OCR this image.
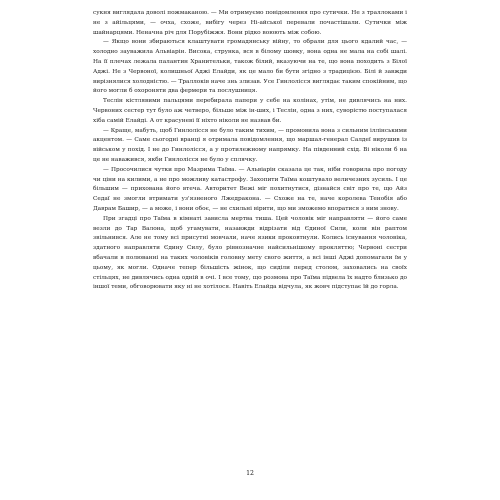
сукня виглядала доволі пожмаканою. — Ми отримуємо повідомлення про сутички. Не з траллоками і не з айільцями, — очха, схоже, вибігу через Ні-айської перевали почастішали. Сутички між шайнарцями. Неначна річ для Порубіжжя. Вони рідко воюють між собою.

— Якщо вони збираються клаштувати громадянську війну, то обрали для цього кдалий час, — холодно зауважила Альвіарін. Висока, струнка, вся в білому шовку, вона одна не мала на собі шалі. На її плечах лежала палантин Хранительки, також білий, вказуючи на те, що вона походить з Білої Аджі. Не з Червоної, колишньої Аджі Елайди, як це мало би бути згідно з традицією. Білі й завжди вирізнялися холодністю. — Траллоків наче знь злизав. Усе Гинлолісся виглядає таким спокійним, що його могли б охороняти два фермери та послушниця.

Теслін кістлявими пальцями перебирала папери у себе на колінах, утім, не дивлячись на них. Червоних сестер тут було аж четверо, більше між ін-ших, і Теслін, одна з них, суворістю поступалася хіба самій Елайді. А от красуневі її ніхто ніколи не назвав би.

— Краще, мабуть, щоб Гинлолісся не було таким тихим, — промовила вона з сильним іллінськими акцентом. — Саме сьогодні вранці я отримала повідомлення, що маршал-генерал Салдеї вирушив із військом у похід. І не до Гинлолісся, а у протилежному напрямку. На південний схід. Ві ніколи б на це не наважився, якби Гинлолісся не було у сплячку.

— Просочилися чутки про Мазрима Таїма. — Альвіарін сказала це так, ніби говорила про погоду чи ціни на килими, а не про можливу катастрофу. Захопити Таїма коштувало величезних зусиль. І це більшим — прихована його втеча. Авторитет Вежі міг похитнутися, дізнайся світ про те, що Айз Седаї не змогли втримати уз'язненого Лжедракона. — Схоже на те, наче королева Тенобія або Даврам Башир, — а може, і вони обоє, — не схильні вірити, що ми зможемо впоратися з ним знову.

При згадці про Таїма в кімнаті зависла мертва тиша. Цей чоловік міг направляти — його саме везли до Тар Валона, щоб угамувати, назавжди відрізати від Єдиної Сили, коли він раптом звільнився. Але не тому всі присутні мовчали, наче язики проковтнули. Колись існування чоловіка, здатного направляти Єдину Силу, було рівнозначне найсильнішому прокляттю; Червоні сестри вбачали в полюванні на таких чоловіків головну мету свого життя, а всі інші Аджі допомагали їм у цьому, як могли. Одначе тепер більшість жінок, що сиділи перед столом, заховались на своїх стільцях, не дивлячись одна одній в очі. І все тому, що розмова про Таїма підвела їх надто близько до іншої теми, обговорювати яку ні не хотілося. Навіть Елайда відчула, як жовч підступає їй до горла.

12
